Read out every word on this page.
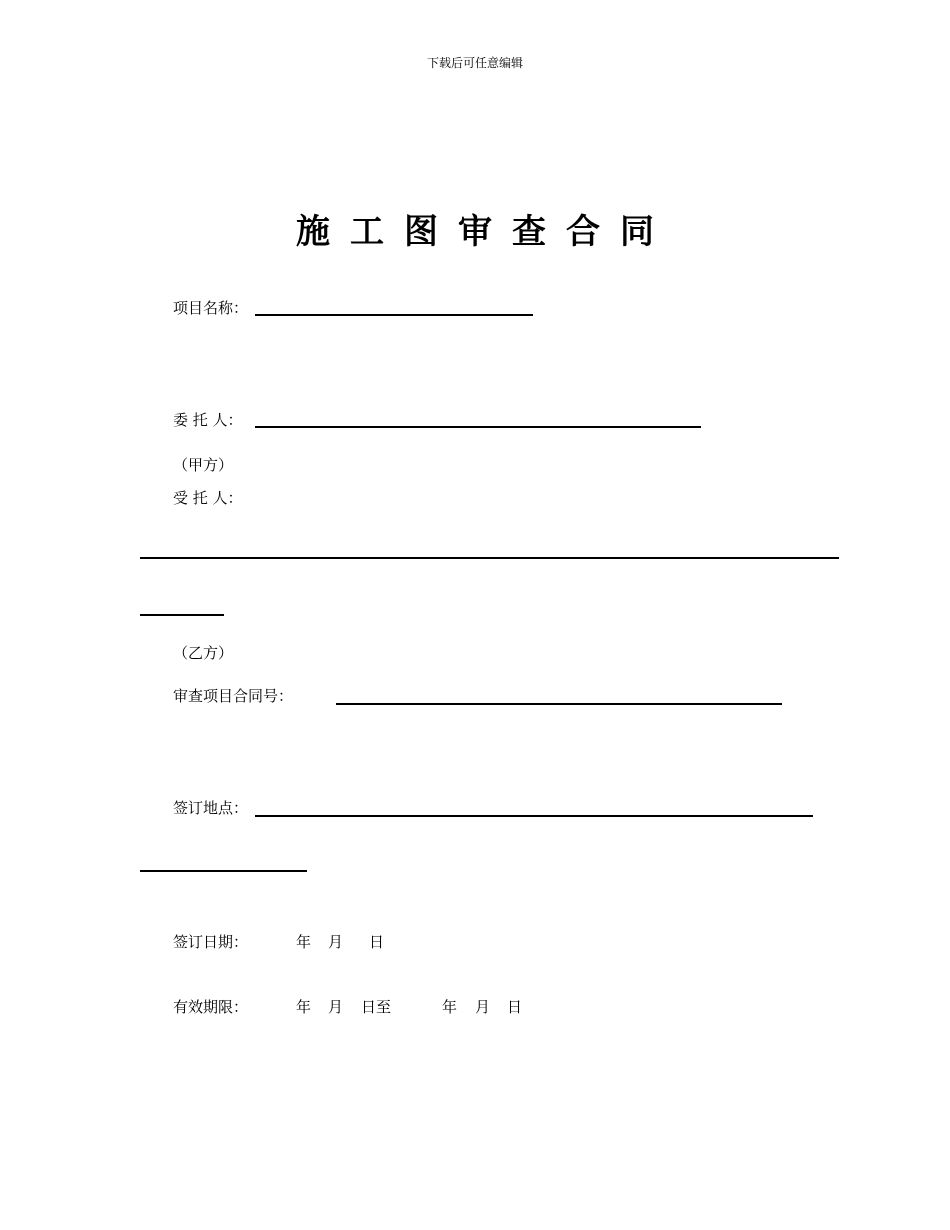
下载后可任意编辑
施工图审查合同
项目名称：
委 托 人：
（甲方）
受 托 人：
（乙方）
审查项目合同号：
签订地点：
签订日期：	年 月 日
有效期限：	年 月 日至	年 月 日
